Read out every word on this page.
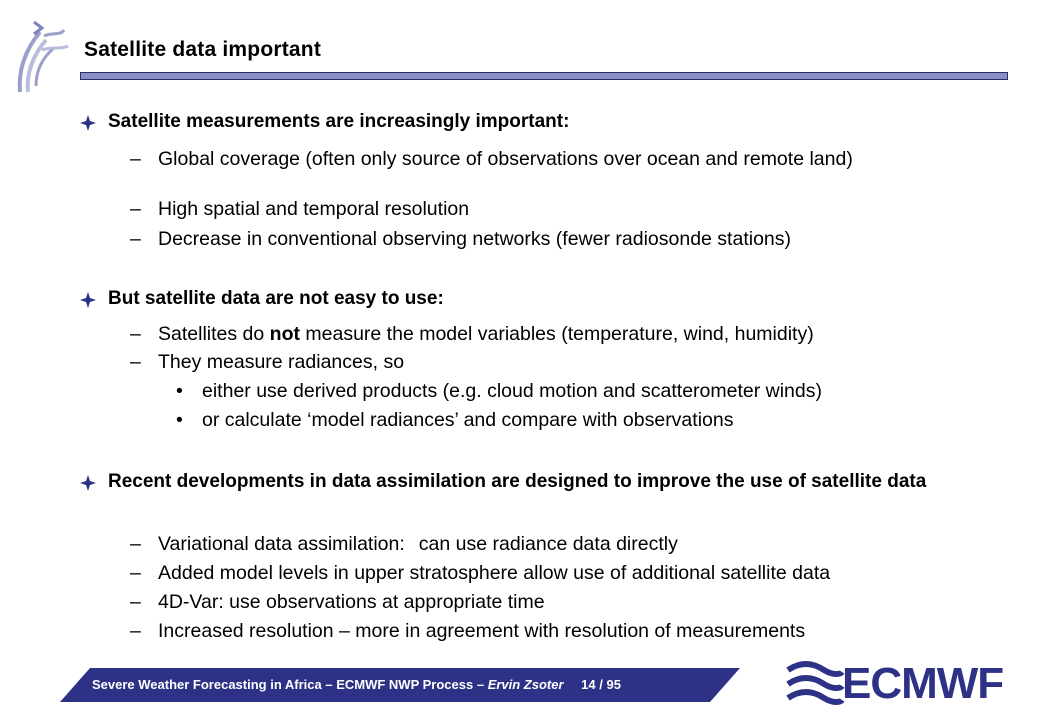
Satellite data important
Satellite measurements are increasingly important:
– Global coverage (often only source of observations over ocean and remote land)
– High spatial and temporal resolution
– Decrease in conventional observing networks (fewer radiosonde stations)
But satellite data are not easy to use:
– Satellites do not measure the model variables (temperature, wind, humidity)
– They measure radiances, so
• either use derived products (e.g. cloud motion and scatterometer winds)
• or calculate ‘model radiances’ and compare with observations
Recent developments in data assimilation are designed to improve the use of satellite data
– Variational data assimilation: can use radiance data directly
– Added model levels in upper stratosphere allow use of additional satellite data
– 4D-Var: use observations at appropriate time
– Increased resolution – more in agreement with resolution of measurements
Severe Weather Forecasting in Africa – ECMWF NWP Process – Ervin Zsoter 14 / 95	ECMWF
